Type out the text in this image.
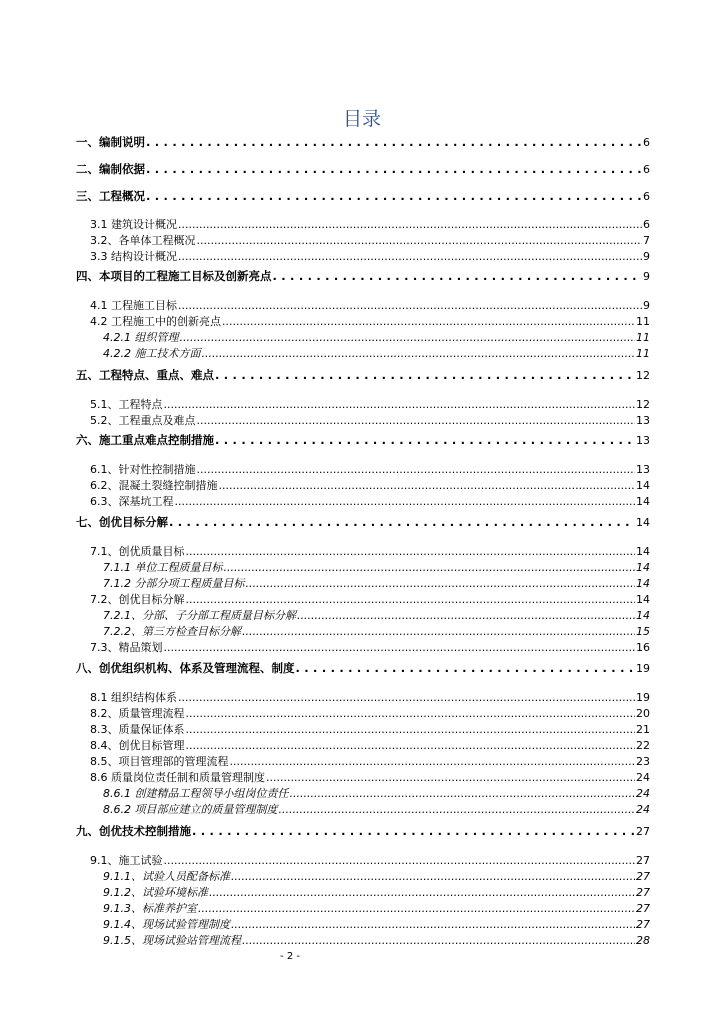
目录
一、编制说明 . . .	6
二、编制依据 . . .	6
三、工程概况 . . .	6
3.1 建筑设计概况 .....	6
3.2、各单体工程概况 .....	7
3.3 结构设计概况 .....	9
四、本项目的工程施工目标及创新亮点 . . .	9
4.1 工程施工目标 .....	9
4.2 工程施工中的创新亮点 .....	11
4.2.1 组织管理 .....	11
4.2.2 施工技术方面 .....	11
五、工程特点、重点、难点 . . .	12
5.1、工程特点 .....	12
5.2、工程重点及难点 .....	13
六、施工重点难点控制措施 . . .	13
6.1、针对性控制措施 .....	13
6.2、混凝土裂缝控制措施 .....	14
6.3、深基坑工程 .....	14
七、创优目标分解 . . .	14
7.1、创优质量目标 .....	14
7.1.1 单位工程质量目标 .....	14
7.1.2 分部分项工程质量目标 .....	14
7.2、创优目标分解 .....	14
7.2.1、分部、子分部工程质量目标分解 .....	14
7.2.2、第三方检查目标分解 .....	15
7.3、精品策划 .....	16
八、创优组织机构、体系及管理流程、制度 . . .	19
8.1 组织结构体系 .....	19
8.2、质量管理流程 .....	20
8.3、质量保证体系 .....	21
8.4、创优目标管理 .....	22
8.5、项目管理部的管理流程 .....	23
8.6 质量岗位责任制和质量管理制度 .....	24
8.6.1 创建精品工程领导小组岗位责任 .....	24
8.6.2 项目部应建立的质量管理制度 .....	24
九、创优技术控制措施 . . .	27
9.1、施工试验 .....	27
9.1.1、试验人员配备标准 .....	27
9.1.2、试验环境标准 .....	27
9.1.3、标准养护室 .....	27
9.1.4、现场试验管理制度 .....	27
9.1.5、现场试验站管理流程 .....	28
- 2 -
